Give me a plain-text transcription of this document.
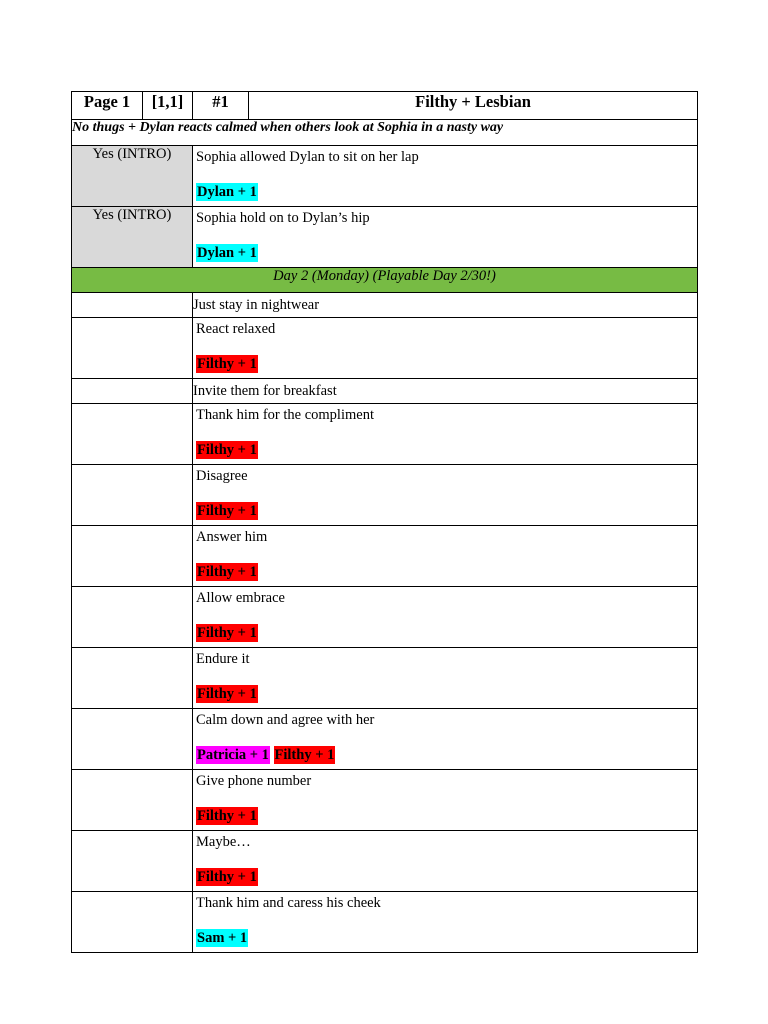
Page 1	[1,1]	#1	Filthy + Lesbian
No thugs + Dylan reacts calmed when others look at Sophia in a nasty way			
Yes (INTRO)		Sophia allowed Dylan to sit on her lap
Dylan + 1	

Yes (INTRO)		Sophia hold on to Dylan’s hip
Dylan + 1	

Day 2 (Monday) (Playable Day 2/30!)			
		Just stay in nightwear	

		React relaxed
Filthy + 1	

		Invite them for breakfast	

		Thank him for the compliment
Filthy + 1	

		Disagree
Filthy + 1	

		Answer him
Filthy + 1	

		Allow embrace
Filthy + 1	

		Endure it
Filthy + 1	

		Calm down and agree with her
Patricia + 1 Filthy + 1	

		Give phone number
Filthy + 1	

		Maybe…
Filthy + 1	

		Thank him and caress his cheek
Sam + 1	
